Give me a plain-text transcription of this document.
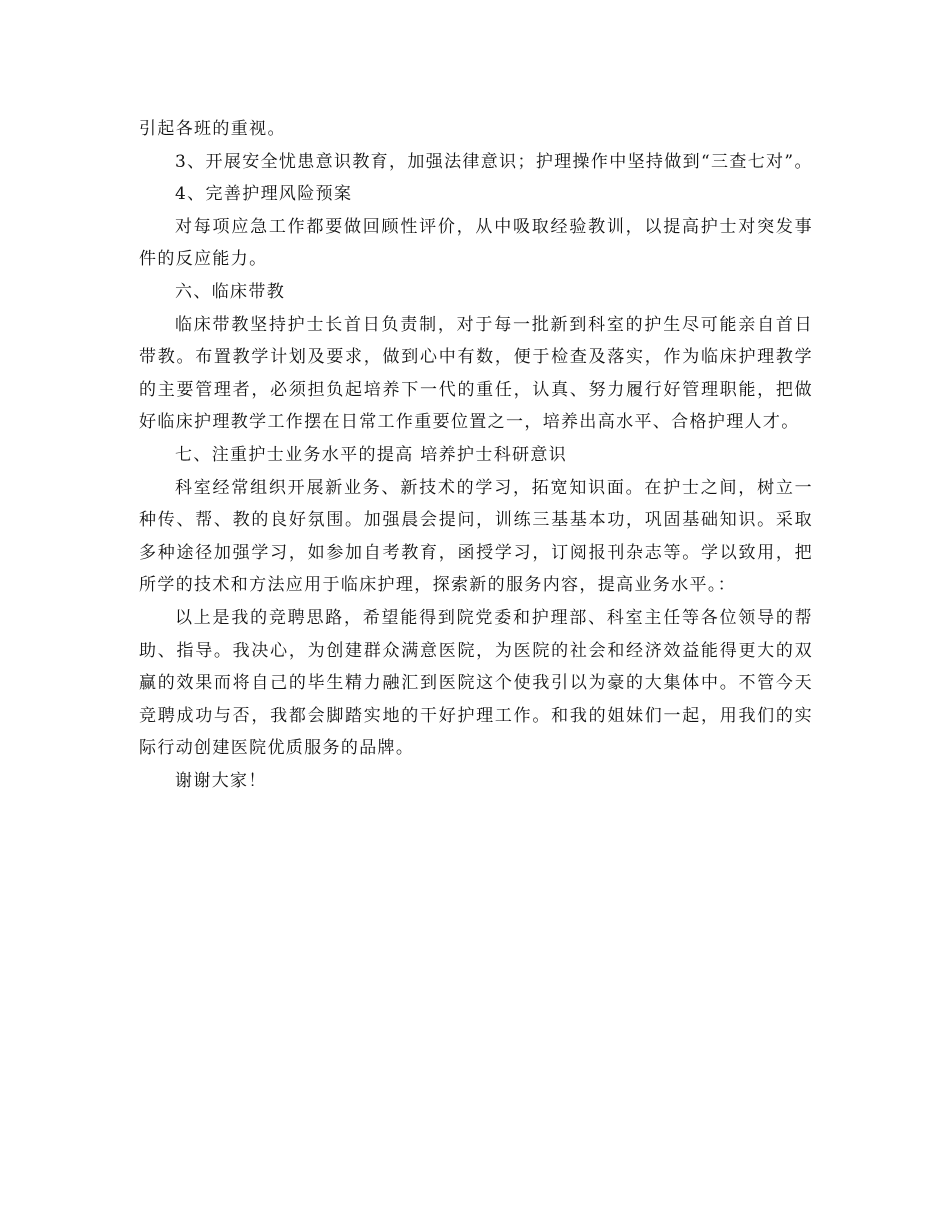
引起各班的重视。

3、开展安全忧患意识教育，加强法律意识；护理操作中坚持做到“三查七对”。

4、完善护理风险预案

对每项应急工作都要做回顾性评价，从中吸取经验教训，以提高护士对突发事件的反应能力。

六、临床带教

临床带教坚持护士长首日负责制，对于每一批新到科室的护生尽可能亲自首日带教。布置教学计划及要求，做到心中有数，便于检查及落实，作为临床护理教学的主要管理者，必须担负起培养下一代的重任，认真、努力履行好管理职能，把做好临床护理教学工作摆在日常工作重要位置之一，培养出高水平、合格护理人才。

七、注重护士业务水平的提高 培养护士科研意识

科室经常组织开展新业务、新技术的学习，拓宽知识面。在护士之间，树立一种传、帮、教的良好氛围。加强晨会提问，训练三基基本功，巩固基础知识。采取多种途径加强学习，如参加自考教育，函授学习，订阅报刊杂志等。学以致用，把所学的技术和方法应用于临床护理，探索新的服务内容，提高业务水平。：

以上是我的竞聘思路，希望能得到院党委和护理部、科室主任等各位领导的帮助、指导。我决心，为创建群众满意医院，为医院的社会和经济效益能得更大的双赢的效果而将自己的毕生精力融汇到医院这个使我引以为豪的大集体中。不管今天竞聘成功与否，我都会脚踏实地的干好护理工作。和我的姐妹们一起，用我们的实际行动创建医院优质服务的品牌。

谢谢大家！
